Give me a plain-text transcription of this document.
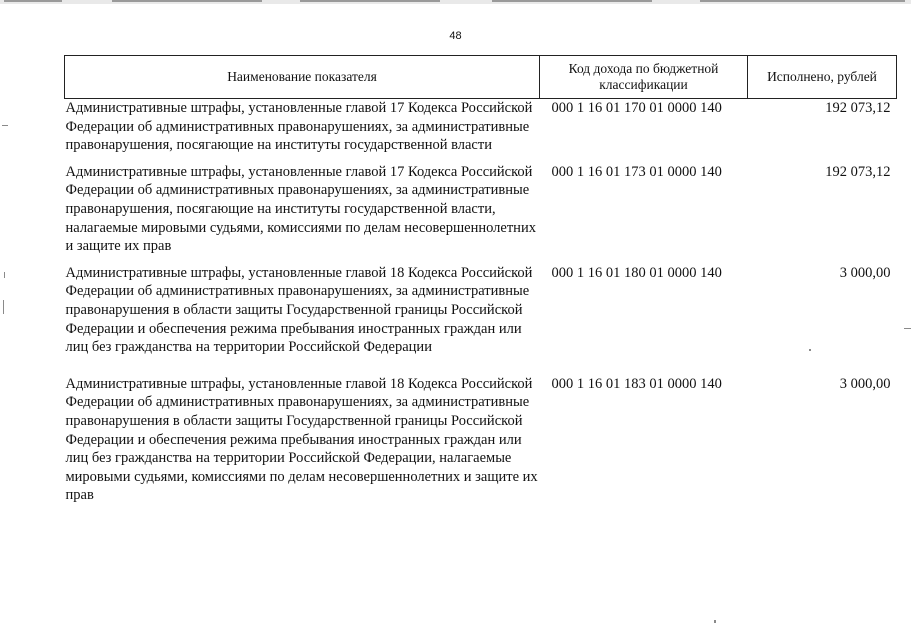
48
Наименование показателя	Код дохода по бюджетной классификации	Исполнено, рублей
Административные штрафы, установленные главой 17 Кодекса Российской Федерации об административных правонарушениях, за административные правонарушения, посягающие на институты государственной власти	000 1 16 01 170 01 0000 140	192 073,12

Административные штрафы, установленные главой 17 Кодекса Российской Федерации об административных правонарушениях, за административные правонарушения, посягающие на институты государственной власти, налагаемые мировыми судьями, комиссиями по делам несовершеннолетних и защите их прав	000 1 16 01 173 01 0000 140	192 073,12

Административные штрафы, установленные главой 18 Кодекса Российской Федерации об административных правонарушениях, за административные правонарушения в области защиты Государственной границы Российской Федерации и обеспечения режима пребывания иностранных граждан или лиц без гражданства на территории Российской Федерации	000 1 16 01 180 01 0000 140	3 000,00

Административные штрафы, установленные главой 18 Кодекса Российской Федерации об административных правонарушениях, за административные правонарушения в области защиты Государственной границы Российской Федерации и обеспечения режима пребывания иностранных граждан или лиц без гражданства на территории Российской Федерации, налагаемые мировыми судьями, комиссиями по делам несовершеннолетних и защите их прав	000 1 16 01 183 01 0000 140	3 000,00
